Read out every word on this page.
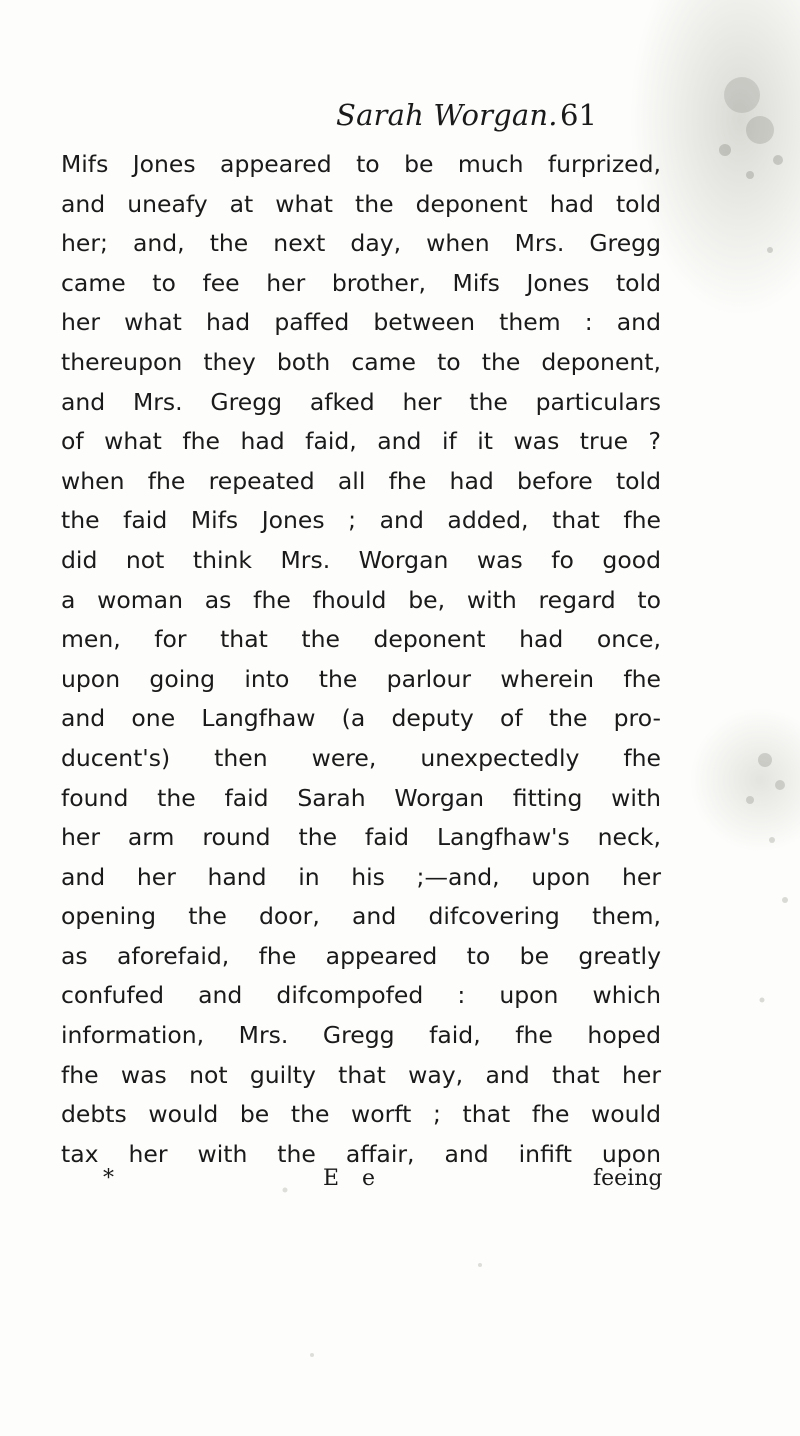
Sarah Worgan. 61
Mifs Jones appeared to be much furprized,
and uneafy at what the deponent had told
her; and, the next day, when Mrs. Gregg
came to fee her brother, Mifs Jones told
her what had paffed between them : and
thereupon they both came to the deponent,
and Mrs. Gregg afked her the particulars
of what fhe had faid, and if it was true ?
when fhe repeated all fhe had before told
the faid Mifs Jones ; and added, that fhe
did not think Mrs. Worgan was fo good
a woman as fhe fhould be, with regard to
men, for that the deponent had once,
upon going into the parlour wherein fhe
and one Langfhaw (a deputy of the pro-
ducent's) then were, unexpectedly fhe
found the faid Sarah Worgan fitting with
her arm round the faid Langfhaw's neck,
and her hand in his ;—and, upon her
opening the door, and difcovering them,
as aforefaid, fhe appeared to be greatly
confufed and difcompofed : upon which
information, Mrs. Gregg faid, fhe hoped
fhe was not guilty that way, and that her
debts would be the worft ; that fhe would
tax her with the affair, and infift upon
*	E e	feeing
